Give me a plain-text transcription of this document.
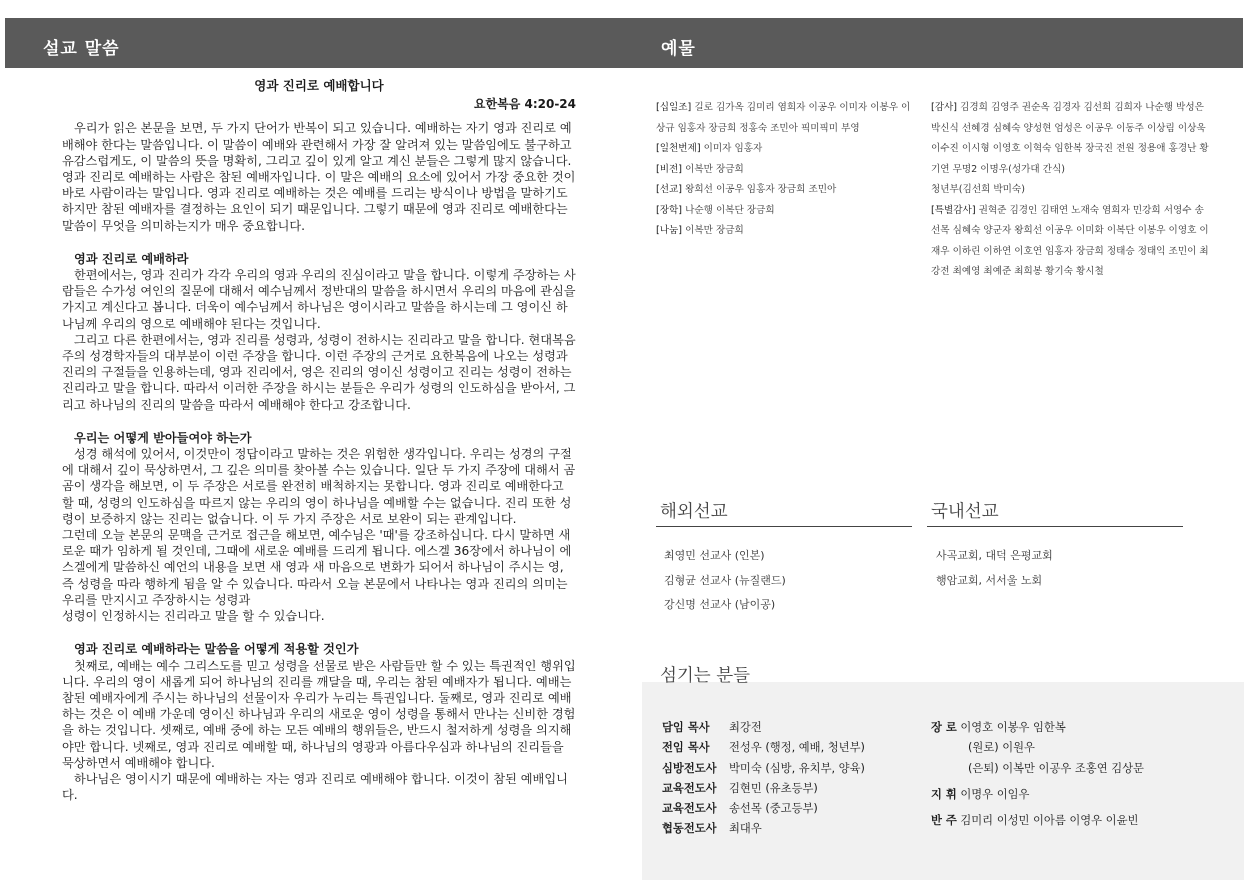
설교 말씀	예물
영과 진리로 예배합니다
요한복음 4:20-24

우리가 읽은 본문을 보면, 두 가지 단어가 반복이 되고 있습니다. 예배하는 자기 영과 진리로 예배해야 한다는 말씀입니다. 이 말씀이 예배와 관련해서 가장 잘 알려져 있는 말씀임에도 불구하고 유감스럽게도, 이 말씀의 뜻을 명확히, 그리고 깊이 있게 알고 계신 분들은 그렇게 많지 않습니다.

영과 진리로 예배하는 사람은 참된 예배자입니다. 이 말은 예배의 요소에 있어서 가장 중요한 것이 바로 사람이라는 말입니다. 영과 진리로 예배하는 것은 예배를 드리는 방식이나 방법을 말하기도 하지만 참된 예배자를 결정하는 요인이 되기 때문입니다. 그렇기 때문에 영과 진리로 예배한다는 말씀이 무엇을 의미하는지가 매우 중요합니다.

영과 진리로 예배하라

한편에서는, 영과 진리가 각각 우리의 영과 우리의 진심이라고 말을 합니다. 이렇게 주장하는 사람들은 수가성 여인의 질문에 대해서 예수님께서 정반대의 말씀을 하시면서 우리의 마음에 관심을 가지고 계신다고 봅니다. 더욱이 예수님께서 하나님은 영이시라고 말씀을 하시는데 그 영이신 하나님께 우리의 영으로 예배해야 된다는 것입니다.

그리고 다른 한편에서는, 영과 진리를 성령과, 성령이 전하시는 진리라고 말을 합니다. 현대복음주의 성경학자들의 대부분이 이런 주장을 합니다. 이런 주장의 근거로 요한복음에 나오는 성령과 진리의 구절들을 인용하는데, 영과 진리에서, 영은 진리의 영이신 성령이고 진리는 성령이 전하는 진리라고 말을 합니다. 따라서 이러한 주장을 하시는 분들은 우리가 성령의 인도하심을 받아서, 그리고 하나님의 진리의 말씀을 따라서 예배해야 한다고 강조합니다.

우리는 어떻게 받아들여야 하는가

성경 해석에 있어서, 이것만이 정답이라고 말하는 것은 위험한 생각입니다. 우리는 성경의 구절에 대해서 깊이 묵상하면서, 그 깊은 의미를 찾아볼 수는 있습니다. 일단 두 가지 주장에 대해서 곰곰이 생각을 해보면, 이 두 주장은 서로를 완전히 배척하지는 못합니다. 영과 진리로 예배한다고 할 때, 성령의 인도하심을 따르지 않는 우리의 영이 하나님을 예배할 수는 없습니다. 진리 또한 성령이 보증하지 않는 진리는 없습니다. 이 두 가지 주장은 서로 보완이 되는 관계입니다.

그런데 오늘 본문의 문맥을 근거로 접근을 해보면, 예수님은 '때'를 강조하십니다. 다시 말하면 새로운 때가 임하게 될 것인데, 그때에 새로운 예배를 드리게 됩니다. 에스겔 36장에서 하나님이 에스겔에게 말씀하신 예언의 내용을 보면 새 영과 새 마음으로 변화가 되어서 하나님이 주시는 영, 즉 성령을 따라 행하게 됨을 알 수 있습니다. 따라서 오늘 본문에서 나타나는 영과 진리의 의미는 우리를 만지시고 주장하시는 성령과

성령이 인정하시는 진리라고 말을 할 수 있습니다.

영과 진리로 예배하라는 말씀을 어떻게 적용할 것인가

첫째로, 예배는 예수 그리스도를 믿고 성령을 선물로 받은 사람들만 할 수 있는 특권적인 행위입니다. 우리의 영이 새롭게 되어 하나님의 진리를 깨달을 때, 우리는 참된 예배자가 됩니다. 예배는 참된 예배자에게 주시는 하나님의 선물이자 우리가 누리는 특권입니다. 둘째로, 영과 진리로 예배하는 것은 이 예배 가운데 영이신 하나님과 우리의 새로운 영이 성령을 통해서 만나는 신비한 경험을 하는 것입니다. 셋째로, 예배 중에 하는 모든 예배의 행위들은, 반드시 철저하게 성령을 의지해야만 합니다. 넷째로, 영과 진리로 예배할 때, 하나님의 영광과 아름다우심과 하나님의 진리들을 묵상하면서 예배해야 합니다.

하나님은 영이시기 때문에 예배하는 자는 영과 진리로 예배해야 합니다. 이것이 참된 예배입니다.

[십일조] 길로 김가옥 김미리 염희자 이공우 이미자 이봉우 이상규 임홍자 장금희 정홍숙 조민아 픽미픽미 부영
[일천번제] 이미자 임홍자
[비전] 이복만 장금희
[선교] 왕희선 이공우 임홍자 장금희 조민아
[장학] 나순행 이복단 장금희
[나눔] 이복만 장금희
[감사] 김경희 김영주 권순옥 김경자 김선희 김희자 나순행 박성은 박신식 선혜경 심혜숙 양성현 엄성은 이공우 이동주 이상림 이상욱 이수진 이시형 이영호 이혁숙 임한복 장국진 전원 정용애 홍경난 황기연 무명2 이명우(성가대 간식)
청년부(김선희 박미숙)
[특별감사] 권혁준 김경인 김태연 노재숙 염희자 민강희 서영수 송선목 심혜숙 양군자 왕희선 이공우 이미화 이복단 이봉우 이영호 이재우 이하린 이하연 이호연 임홍자 장금희 정태승 정태익 조민이 최강전 최예영 최예준 최희봉 황기숙 황시철
해외선교
최영민 선교사 (인본)
김형균 선교사 (뉴질랜드)
강신명 선교사 (남이공)
국내선교
사곡교회, 대덕 은평교회
행암교회, 서서울 노회
섬기는 분들
담임 목사 최강전
전임 목사 전성우 (행정, 예배, 청년부)
심방전도사 박미숙 (심방, 유치부, 양육)
교육전도사 김현민 (유초등부)
교육전도사 송선목 (중고등부)
협동전도사 최대우
장 로 이영호 이봉우 임한복
(원로) 이원우
(은퇴) 이복만 이공우 조홍연 김상문
지 휘 이명우 이임우
반 주 김미리 이성민 이아름 이영우 이윤빈
